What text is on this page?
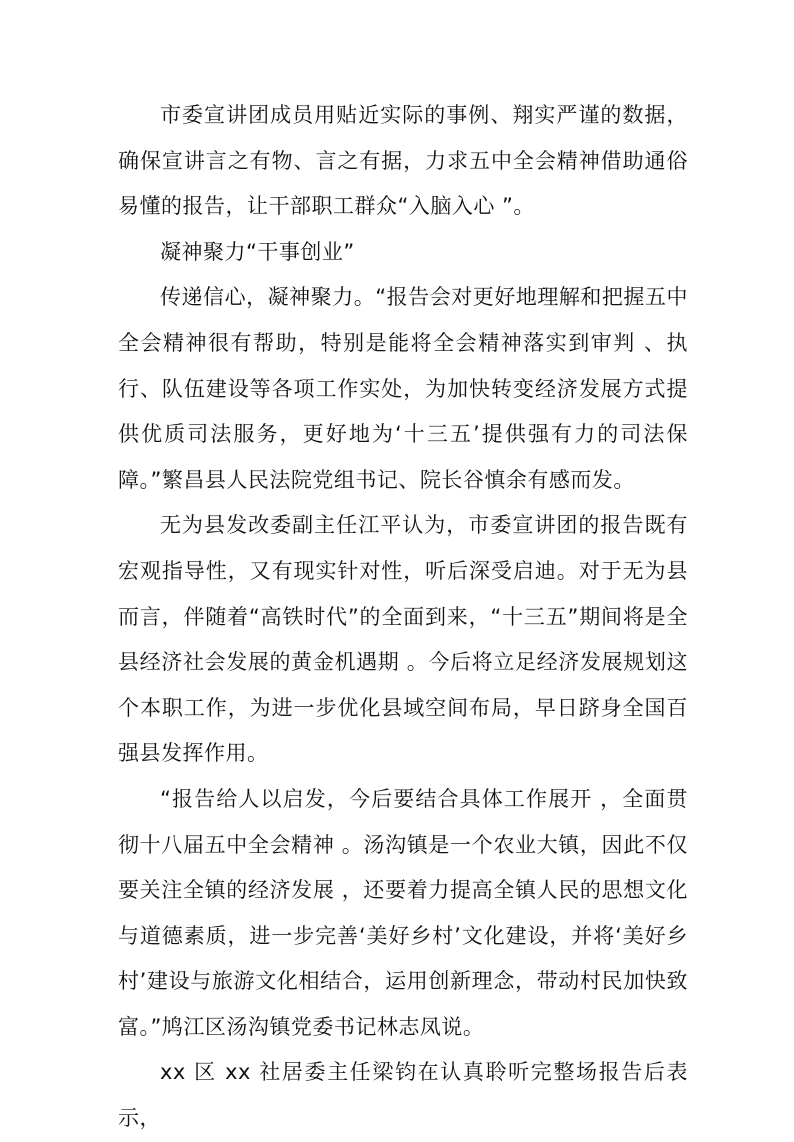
市委宣讲团成员用贴近实际的事例、翔实严谨的数据，确保宣讲言之有物、言之有据，力求五中全会精神借助通俗易懂的报告，让干部职工群众“入脑入心 ”。

凝神聚力“干事创业”

传递信心，凝神聚力。“报告会对更好地理解和把握五中全会精神很有帮助，特别是能将全会精神落实到审判 、执行、队伍建设等各项工作实处，为加快转变经济发展方式提供优质司法服务，更好地为‘十三五’提供强有力的司法保障。”繁昌县人民法院党组书记、院长谷慎余有感而发。

无为县发改委副主任江平认为，市委宣讲团的报告既有宏观指导性，又有现实针对性，听后深受启迪。对于无为县而言，伴随着“高铁时代”的全面到来，“十三五”期间将是全县经济社会发展的黄金机遇期 。今后将立足经济发展规划这个本职工作，为进一步优化县域空间布局，早日跻身全国百强县发挥作用。

“报告给人以启发，今后要结合具体工作展开 ，全面贯彻十八届五中全会精神 。汤沟镇是一个农业大镇，因此不仅要关注全镇的经济发展 ，还要着力提高全镇人民的思想文化与道德素质，进一步完善‘美好乡村’文化建设，并将‘美好乡村’建设与旅游文化相结合，运用创新理念，带动村民加快致富。”鸠江区汤沟镇党委书记林志凤说。

xx 区 xx 社居委主任梁钧在认真聆听完整场报告后表示，
